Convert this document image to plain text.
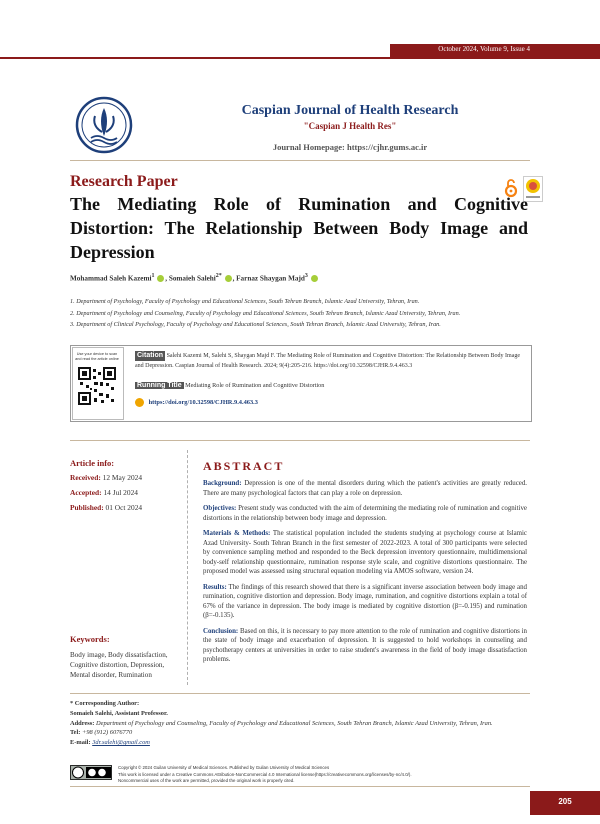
October 2024, Volume 9, Issue 4
Caspian Journal of Health Research
"Caspian J Health Res"
Journal Homepage: https://cjhr.gums.ac.ir
Research Paper
The Mediating Role of Rumination and Cognitive Distortion: The Relationship Between Body Image and Depression
Mohammad Saleh Kazemi$^1$ , Somaieh Salehi$^{2*}$ , Farnaz Shaygan Majd$^3$
1. Department of Psychology, Faculty of Psychology and Educational Sciences, South Tehran Branch, Islamic Azad University, Tehran, Iran.
2. Department of Psychology and Counseling, Faculty of Psychology and Educational Sciences, South Tehran Branch, Islamic Azad University, Tehran, Iran.
3. Department of Clinical Psychology, Faculty of Psychology and Educational Sciences, South Tehran Branch, Islamic Azad University, Tehran, Iran.
Use your device to scan and read the article online	Citation Salehi Kazemi M, Salehi S, Shaygan Majd F. The Mediating Role of Rumination and Cognitive Distortion: The Relationship Between Body Image and Depression. Caspian Journal of Health Research. 2024; 9(4):205-216. https://doi.org/10.32598/CJHR.9.4.463.3
Running Title Mediating Role of Rumination and Cognitive Distortion
https://doi.org/10.32598/CJHR.9.4.463.3
Article info:
Received: 12 May 2024
Accepted: 14 Jul 2024
Published: 01 Oct 2024
Keywords:
Body image, Body dissatisfaction, Cognitive distortion, Depression, Mental disorder, Rumination
ABSTRACT

Background: Depression is one of the mental disorders during which the patient's activities are greatly reduced. There are many psychological factors that can play a role on depression.

Objectives: Present study was conducted with the aim of determining the mediating role of rumination and cognitive distortions in the relationship between body image and depression.

Materials & Methods: The statistical population included the students studying at psychology course at Islamic Azad University- South Tehran Branch in the first semester of 2022-2023. A total of 300 participants were selected by convenience sampling method and responded to the Beck depression inventory questionnaire, multidimensional body-self relationship questionnaire, rumination response style scale, and cognitive distortions questionnaire. The proposed model was assessed using structural equation modeling via AMOS software, version 24.

Results: The findings of this research showed that there is a significant inverse association between body image and rumination, cognitive distortion and depression. Body image, rumination, and cognitive distortions explain a total of 67% of the variance in depression. The body image is mediated by cognitive distortion (β=-0.195) and rumination (β=-0.135).

Conclusion: Based on this, it is necessary to pay more attention to the role of rumination and cognitive distortions in the state of body image and exacerbation of depression. It is suggested to hold workshops in counseling and psychotherapy centers at universities in order to raise student's awareness in the field of body image dissatisfaction problems.

* Corresponding Author:
Somaieh Salehi, Assistant Professor.
Address: Department of Psychology and Counseling, Faculty of Psychology and Educational Sciences, South Tehran Branch, Islamic Azad University, Tehran, Iran.
Tel: +98 (912) 6076770
E-mail: 3dr.salehi@gmail.com
Copyright © 2024 Guilan University of Medical Sciences. Published by Guilan University of Medical Sciences
This work is licensed under a Creative Commons Attribution-NonCommercial 4.0 International license(https://creativecommons.org/licenses/by-nc/4.0/).
Noncommercial uses of the work are permitted, provided the original work is properly cited.
205
